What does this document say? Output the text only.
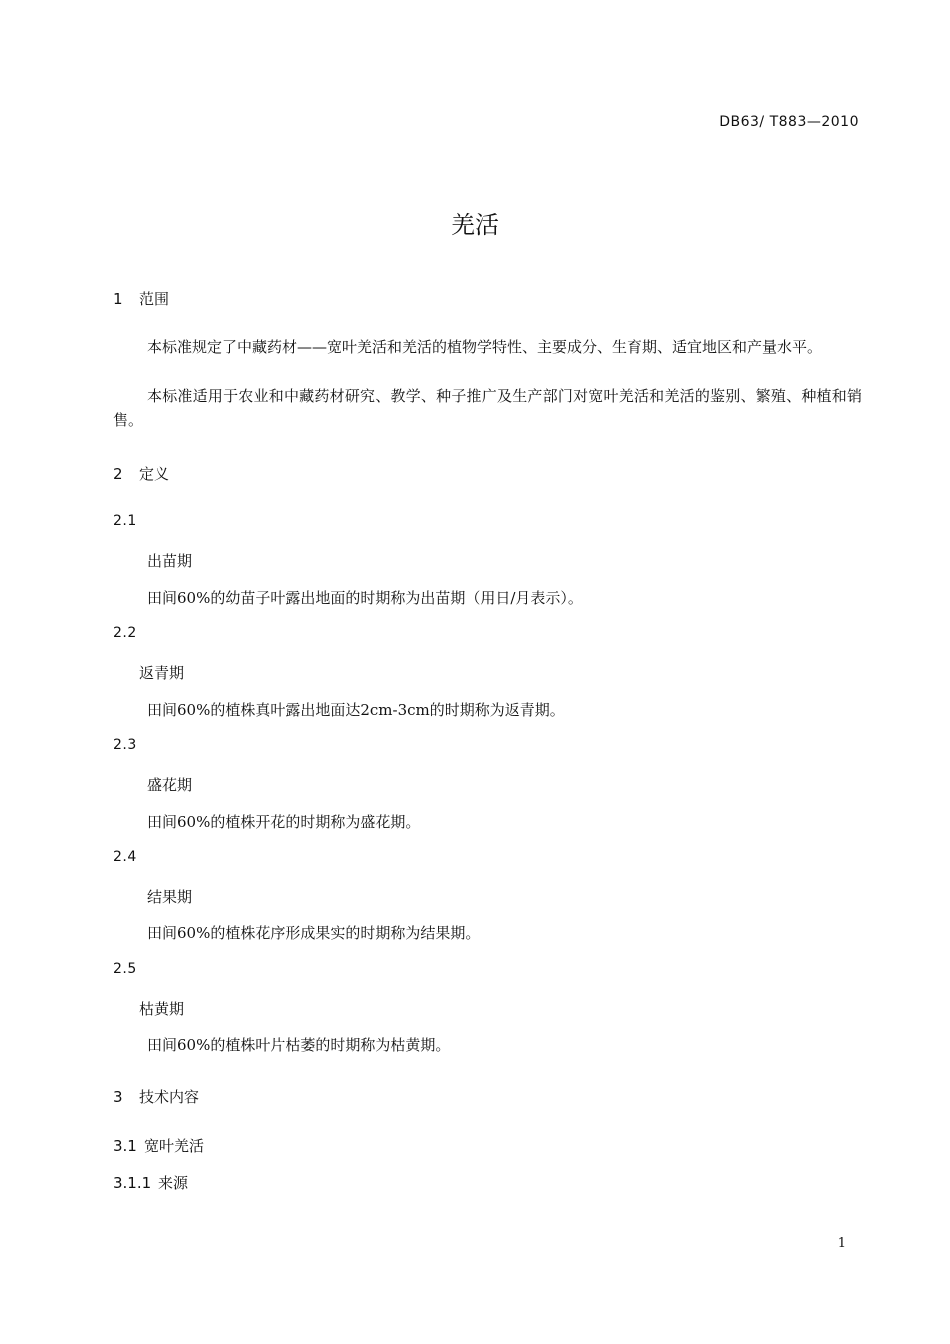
DB63/ T883—2010
羌活
1 范围
本标准规定了中藏药材——宽叶羌活和羌活的植物学特性、主要成分、生育期、适宜地区和产量水平。
本标准适用于农业和中藏药材研究、教学、种子推广及生产部门对宽叶羌活和羌活的鉴别、繁殖、种植和销售。
2 定义
2.1
出苗期
田间60%的幼苗子叶露出地面的时期称为出苗期（用日/月表示）。
2.2
返青期
田间60%的植株真叶露出地面达2cm-3cm的时期称为返青期。
2.3
盛花期
田间60%的植株开花的时期称为盛花期。
2.4
结果期
田间60%的植株花序形成果实的时期称为结果期。
2.5
枯黄期
田间60%的植株叶片枯萎的时期称为枯黄期。
3 技术内容
3.1 宽叶羌活
3.1.1 来源
1
